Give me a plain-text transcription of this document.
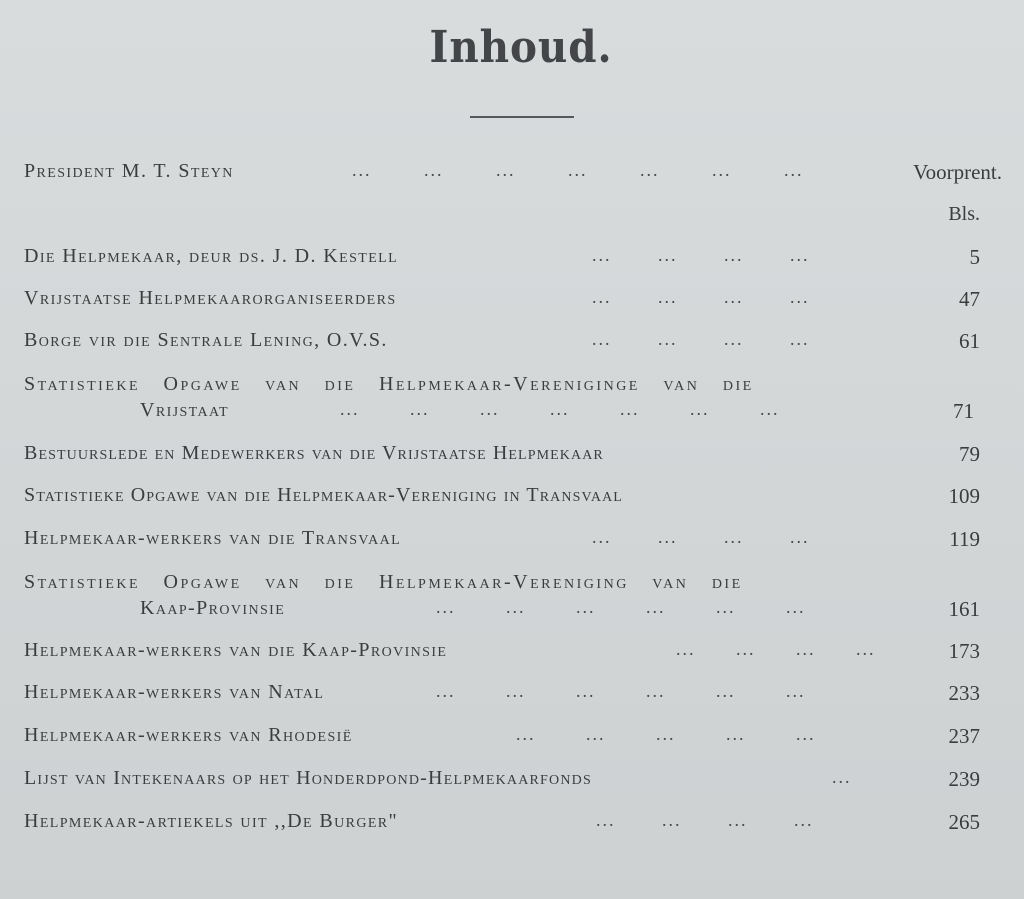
Inhoud.
President M. T. Steyn	... ... ... ... ... ... ...	Voorprent.
Bls.
Die Helpmekaar, deur ds. J. D. Kestell	... ... ... ...	5
Vrijstaatse Helpmekaarorganiseerders	... ... ... ...	47
Borge vir die Sentrale Lening, O.V.S.	... ... ... ...	61
Statistieke Opgawe van die Helpmekaar-Vereniginge van die
Vrijstaat	... ... ... ... ... ... ...	71
Bestuurslede en Medewerkers van die Vrijstaatse Helpmekaar	79
Statistieke Opgawe van die Helpmekaar-Vereniging in Transvaal	109
Helpmekaar-werkers van die Transvaal	... ... ... ...	119
Statistieke Opgawe van die Helpmekaar-Vereniging van die
Kaap-Provinsie	... ... ... ... ... ...	161
Helpmekaar-werkers van die Kaap-Provinsie	... ... ... ...	173
Helpmekaar-werkers van Natal	... ... ... ... ... ...	233
Helpmekaar-werkers van Rhodesië	... ... ... ... ...	237
Lijst van Intekenaars op het Honderdpond-Helpmekaarfonds	...	239
Helpmekaar-artiekels uit ,,De Burger"	... ... ... ...	265
